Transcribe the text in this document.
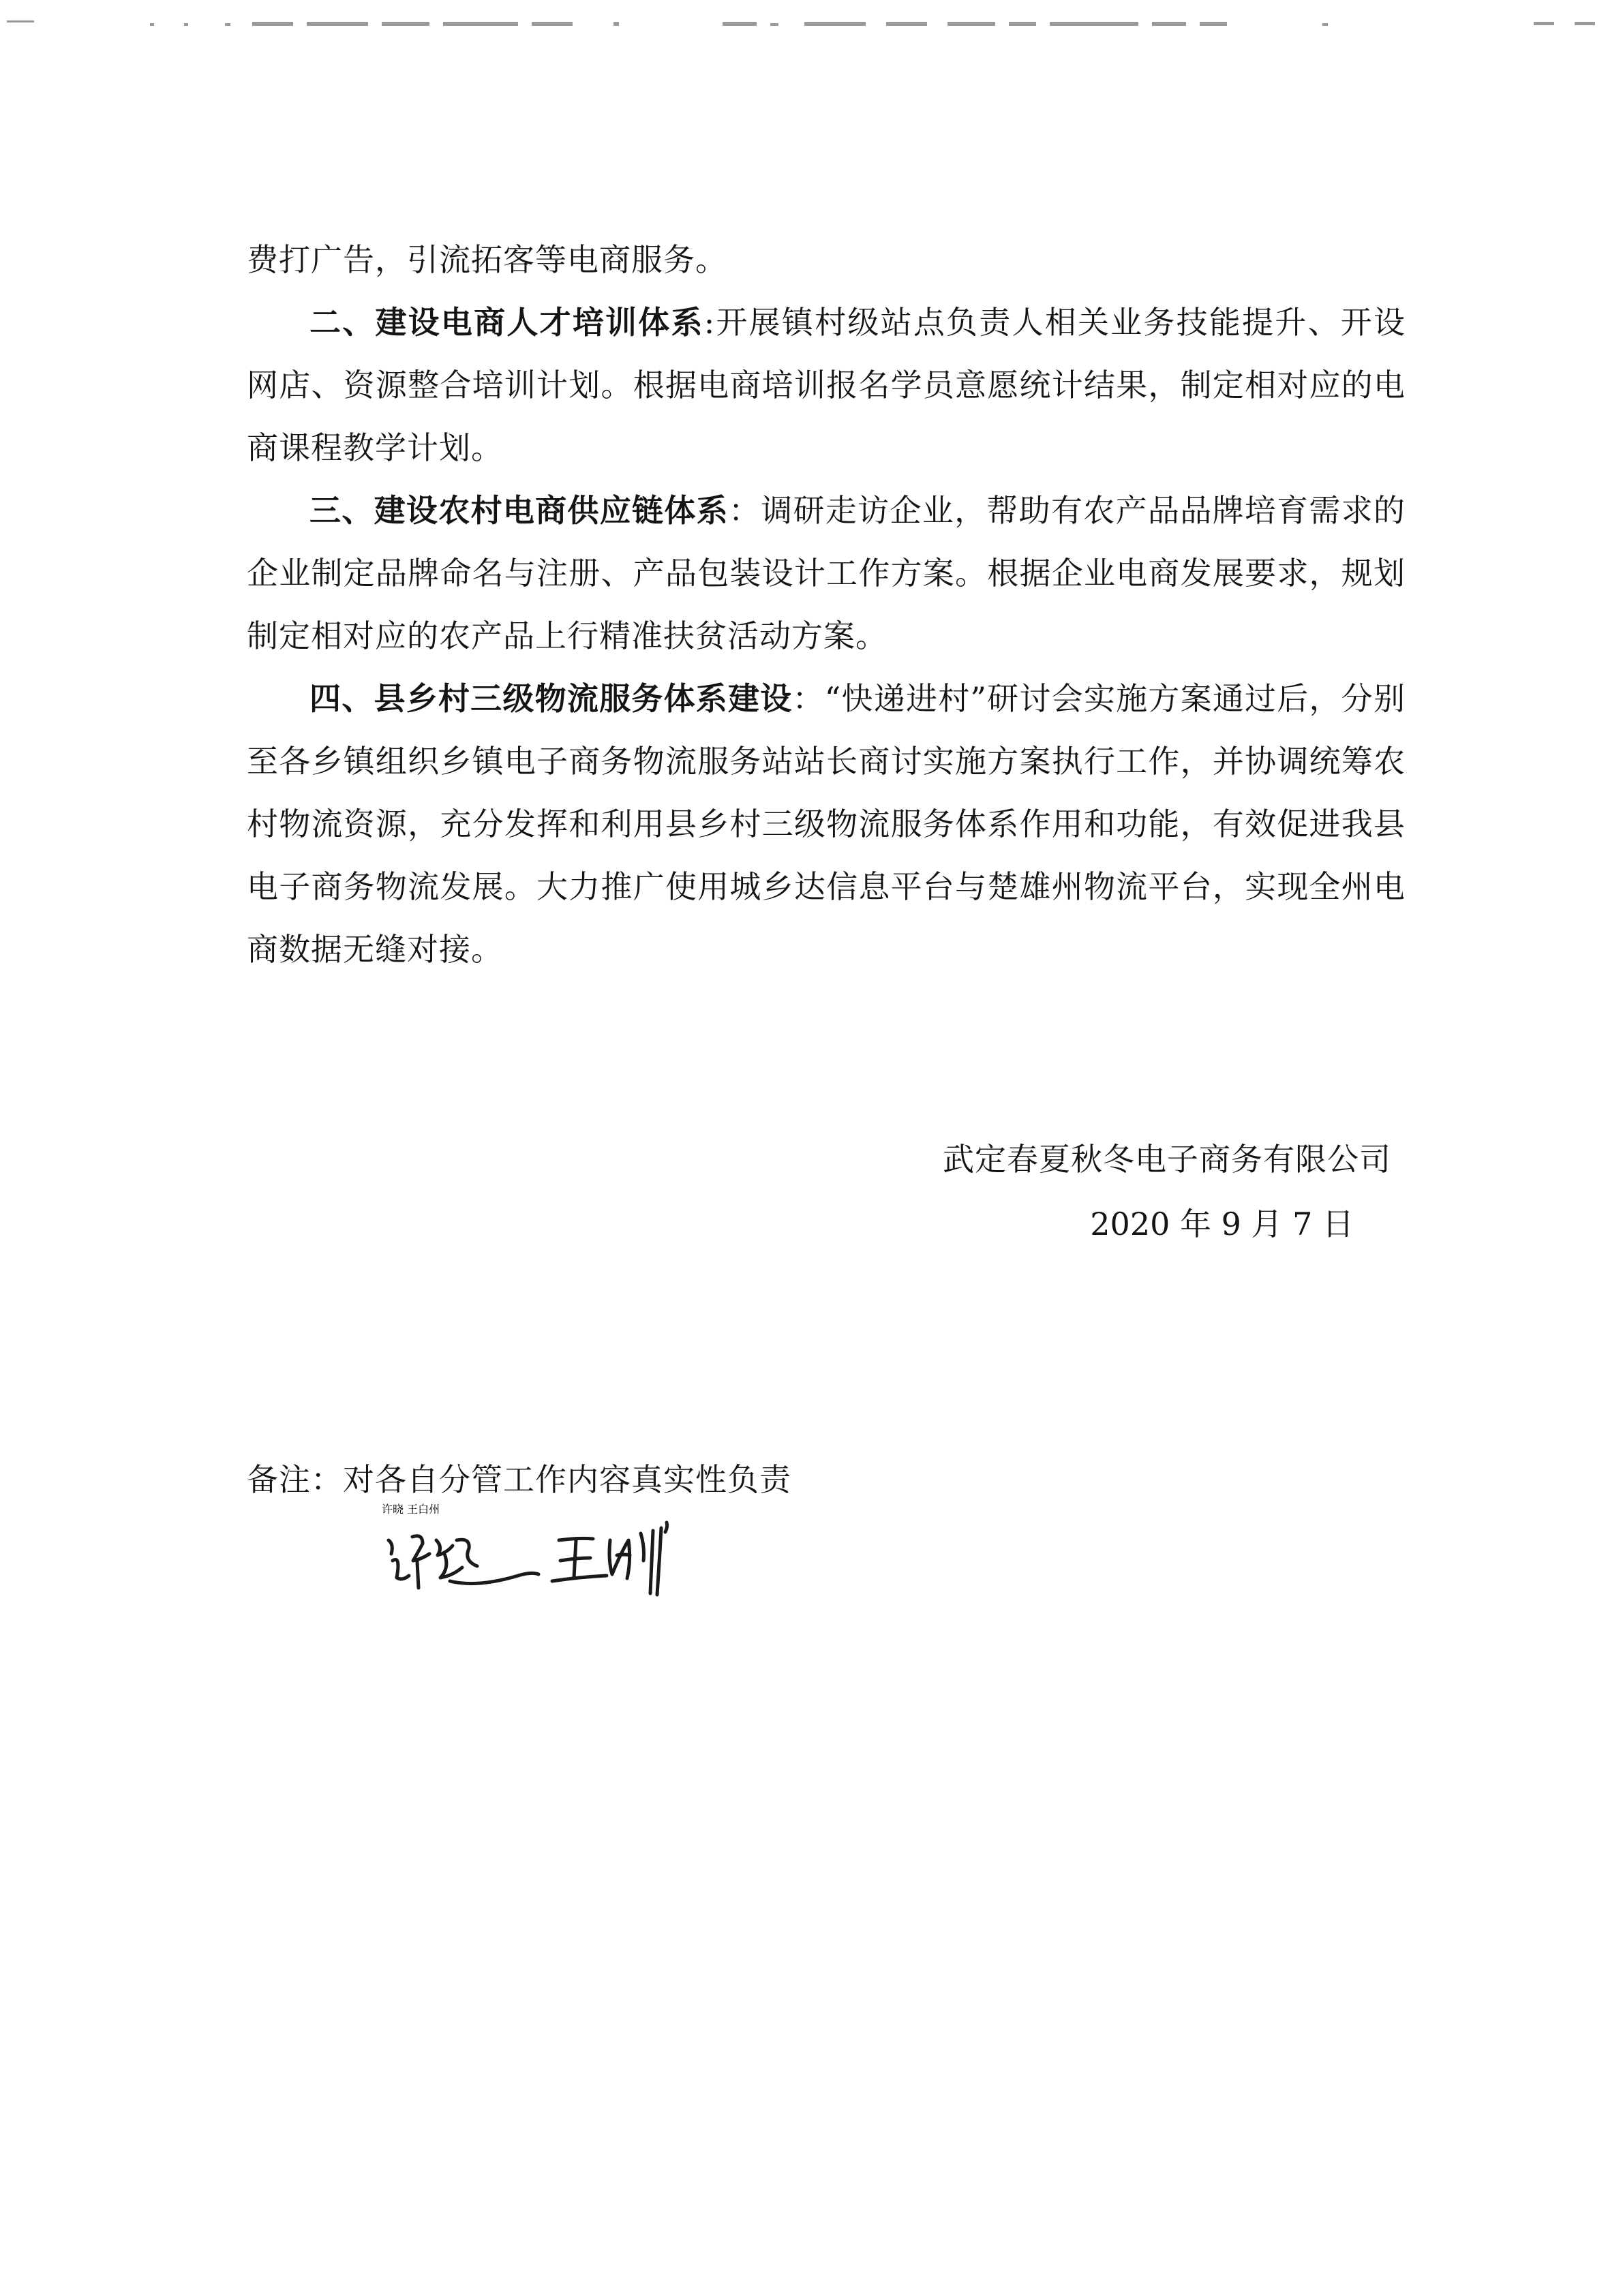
费打广告，引流拓客等电商服务。

二、建设电商人才培训体系:开展镇村级站点负责人相关业务技能提升、开设网店、资源整合培训计划。根据电商培训报名学员意愿统计结果，制定相对应的电商课程教学计划。

三、建设农村电商供应链体系：调研走访企业，帮助有农产品品牌培育需求的企业制定品牌命名与注册、产品包装设计工作方案。根据企业电商发展要求，规划制定相对应的农产品上行精准扶贫活动方案。

四、县乡村三级物流服务体系建设：“快递进村”研讨会实施方案通过后，分别至各乡镇组织乡镇电子商务物流服务站站长商讨实施方案执行工作，并协调统筹农村物流资源，充分发挥和利用县乡村三级物流服务体系作用和功能，有效促进我县电子商务物流发展。大力推广使用城乡达信息平台与楚雄州物流平台，实现全州电商数据无缝对接。

武定春夏秋冬电子商务有限公司
2020 年 9 月 7 日
备注：对各自分管工作内容真实性负责
许晓 王白州
